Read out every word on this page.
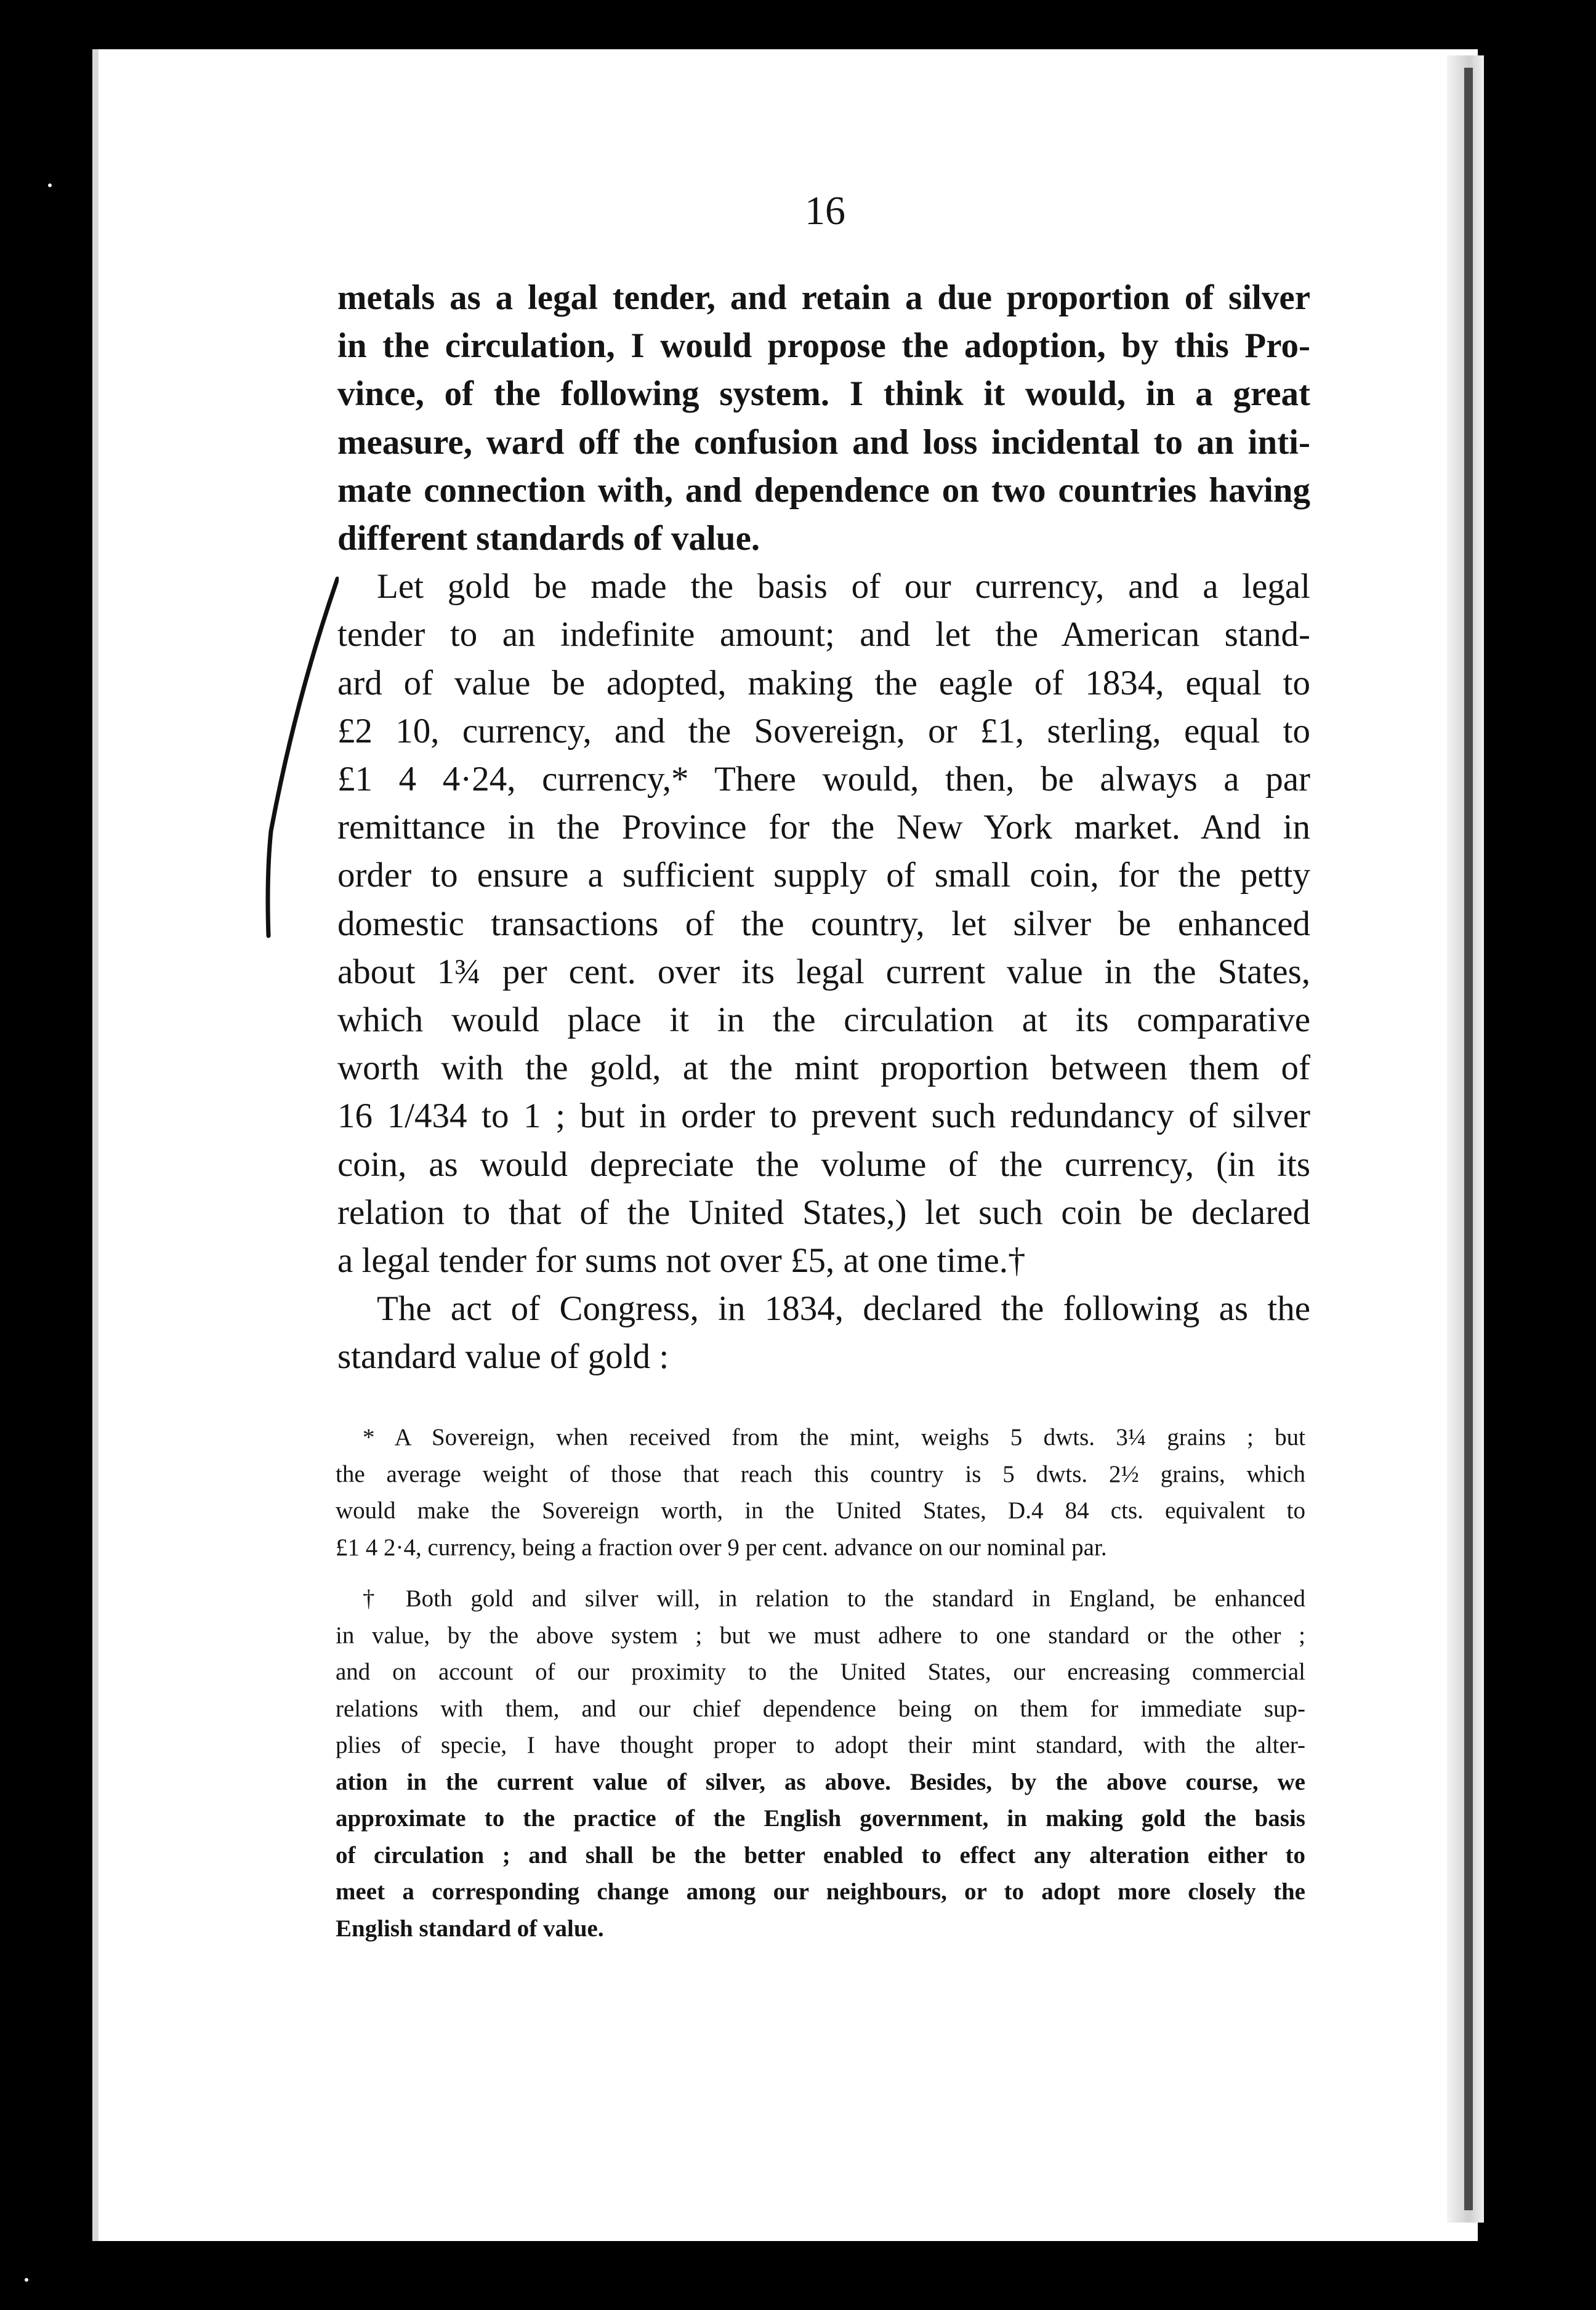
16

metals as a legal tender, and retain a due proportion of silver
in the circulation, I would propose the adoption, by this Pro-
vince, of the following system. I think it would, in a great
measure, ward off the confusion and loss incidental to an inti-
mate connection with, and dependence on two countries having
different standards of value.

Let gold be made the basis of our currency, and a legal
tender to an indefinite amount; and let the American stand-
ard of value be adopted, making the eagle of 1834, equal to
£2 10, currency, and the Sovereign, or £1, sterling, equal to
£1 4 4·24, currency,* There would, then, be always a par
remittance in the Province for the New York market. And in
order to ensure a sufficient supply of small coin, for the petty
domestic transactions of the country, let silver be enhanced
about 1¾ per cent. over its legal current value in the States,
which would place it in the circulation at its comparative
worth with the gold, at the mint proportion between them of
16 1/434 to 1 ; but in order to prevent such redundancy of silver
coin, as would depreciate the volume of the currency, (in its
relation to that of the United States,) let such coin be declared
a legal tender for sums not over £5, at one time.†

The act of Congress, in 1834, declared the following as the
standard value of gold :

* A Sovereign, when received from the mint, weighs 5 dwts. 3¼ grains ; but
the average weight of those that reach this country is 5 dwts. 2½ grains, which
would make the Sovereign worth, in the United States, D.4 84 cts. equivalent to
£1 4 2·4, currency, being a fraction over 9 per cent. advance on our nominal par.

† Both gold and silver will, in relation to the standard in England, be enhanced
in value, by the above system ; but we must adhere to one standard or the other ;
and on account of our proximity to the United States, our encreasing commercial
relations with them, and our chief dependence being on them for immediate sup-
plies of specie, I have thought proper to adopt their mint standard, with the alter-
ation in the current value of silver, as above. Besides, by the above course, we
approximate to the practice of the English government, in making gold the basis
of circulation ; and shall be the better enabled to effect any alteration either to
meet a corresponding change among our neighbours, or to adopt more closely the
English standard of value.
